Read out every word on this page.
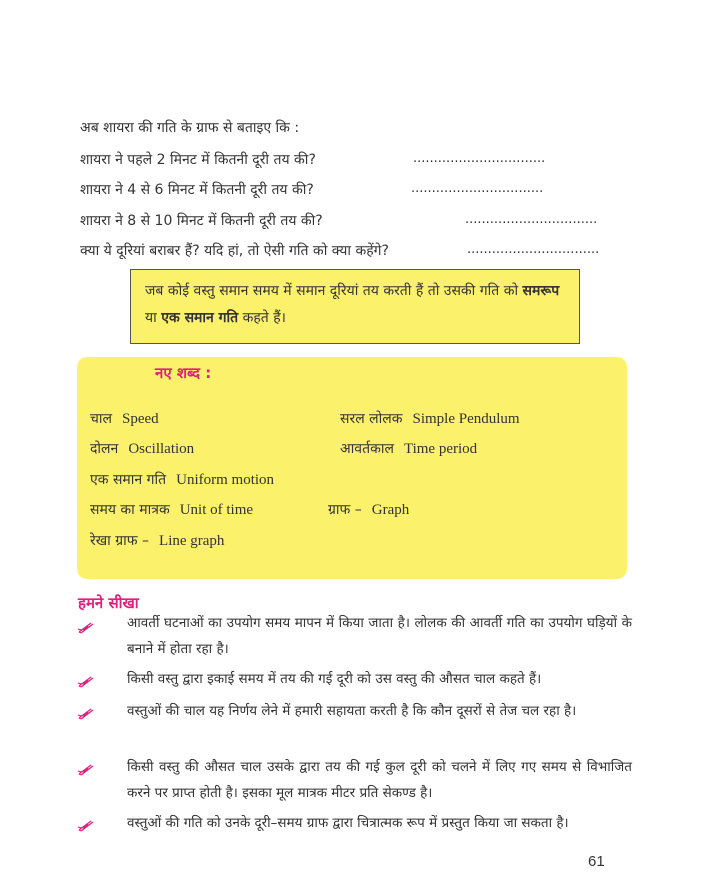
अब शायरा की गति के ग्राफ से बताइए कि :
शायरा ने पहले 2 मिनट में कितनी दूरी तय की?	................................
शायरा ने 4 से 6 मिनट में कितनी दूरी तय की?	................................
शायरा ने 8 से 10 मिनट में कितनी दूरी तय की?	................................
क्या ये दूरियां बराबर हैं? यदि हां, तो ऐसी गति को क्या कहेंगे?	................................
जब कोई वस्तु समान समय में समान दूरियां तय करती हैं तो उसकी गति को समरूप या एक समान गति कहते हैं।
नए शब्द :
चाल Speed	सरल लोलक Simple Pendulum
दोलन Oscillation	आवर्तकाल Time period
एक समान गति Uniform motion
समय का मात्रक Unit of time	ग्राफ – Graph
रेखा ग्राफ – Line graph
हमने सीखा
आवर्ती घटनाओं का उपयोग समय मापन में किया जाता है। लोलक की आवर्ती गति का उपयोग घड़ियों के बनाने में होता रहा है।
किसी वस्तु द्वारा इकाई समय में तय की गई दूरी को उस वस्तु की औसत चाल कहते हैं।
वस्तुओं की चाल यह निर्णय लेने में हमारी सहायता करती है कि कौन दूसरों से तेज चल रहा है।
किसी वस्तु की औसत चाल उसके द्वारा तय की गई कुल दूरी को चलने में लिए गए समय से विभाजित करने पर प्राप्त होती है। इसका मूल मात्रक मीटर प्रति सेकण्ड है।
वस्तुओं की गति को उनके दूरी–समय ग्राफ द्वारा चित्रात्मक रूप में प्रस्तुत किया जा सकता है।
61
